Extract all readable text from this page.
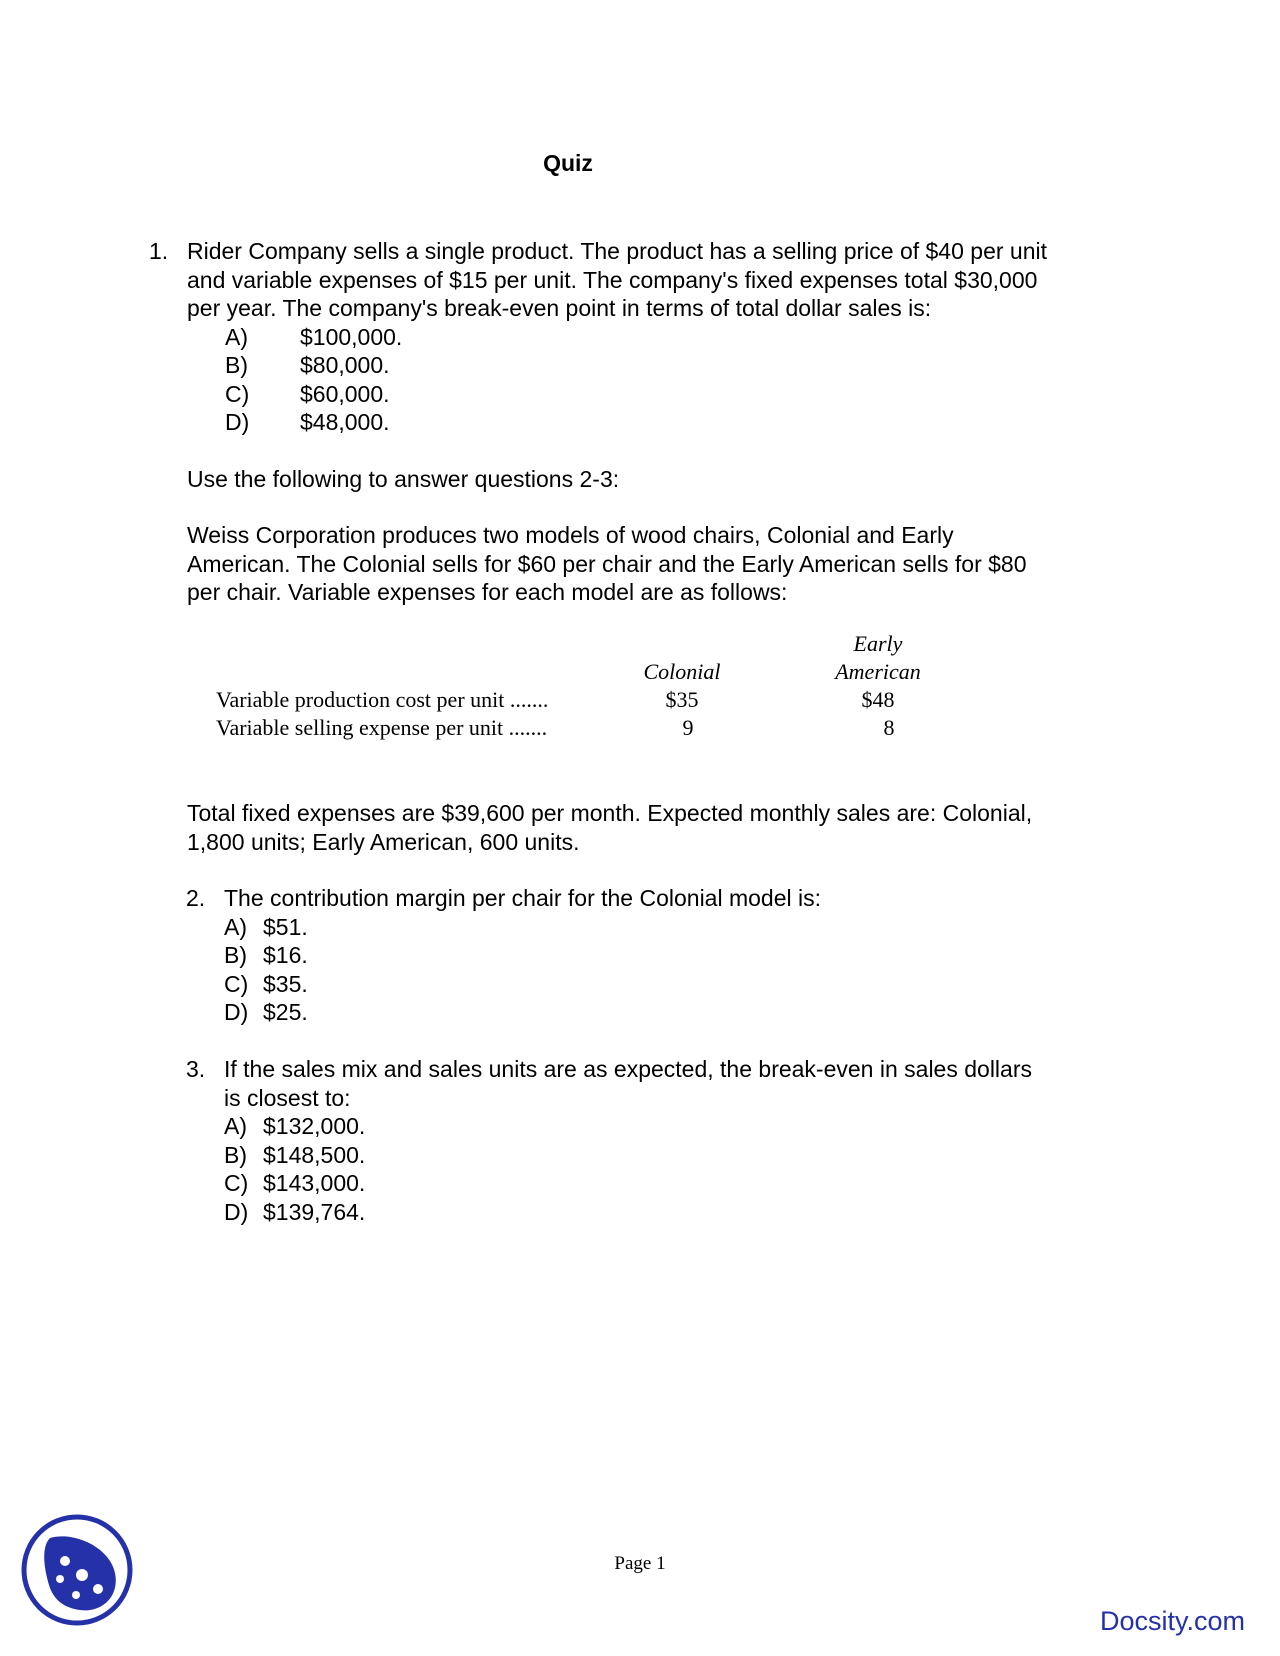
Quiz
1. Rider Company sells a single product. The product has a selling price of $40 per unit
and variable expenses of $15 per unit. The company's fixed expenses total $30,000
per year. The company's break-even point in terms of total dollar sales is:
A)	$100,000.
B)	$80,000.
C)	$60,000.
D)	$48,000.
Use the following to answer questions 2-3:
Weiss Corporation produces two models of wood chairs, Colonial and Early
American. The Colonial sells for $60 per chair and the Early American sells for $80
per chair. Variable expenses for each model are as follows:
Early
Colonial	American
Variable production cost per unit .......	$35	$48
Variable selling expense per unit .......	9	8
Total fixed expenses are $39,600 per month. Expected monthly sales are: Colonial,
1,800 units; Early American, 600 units.
2. The contribution margin per chair for the Colonial model is:
A) $51.
B) $16.
C) $35.
D) $25.
3. If the sales mix and sales units are as expected, the break-even in sales dollars
is closest to:
A) $132,000.
B) $148,500.
C) $143,000.
D) $139,764.
Page 1
Docsity.com
